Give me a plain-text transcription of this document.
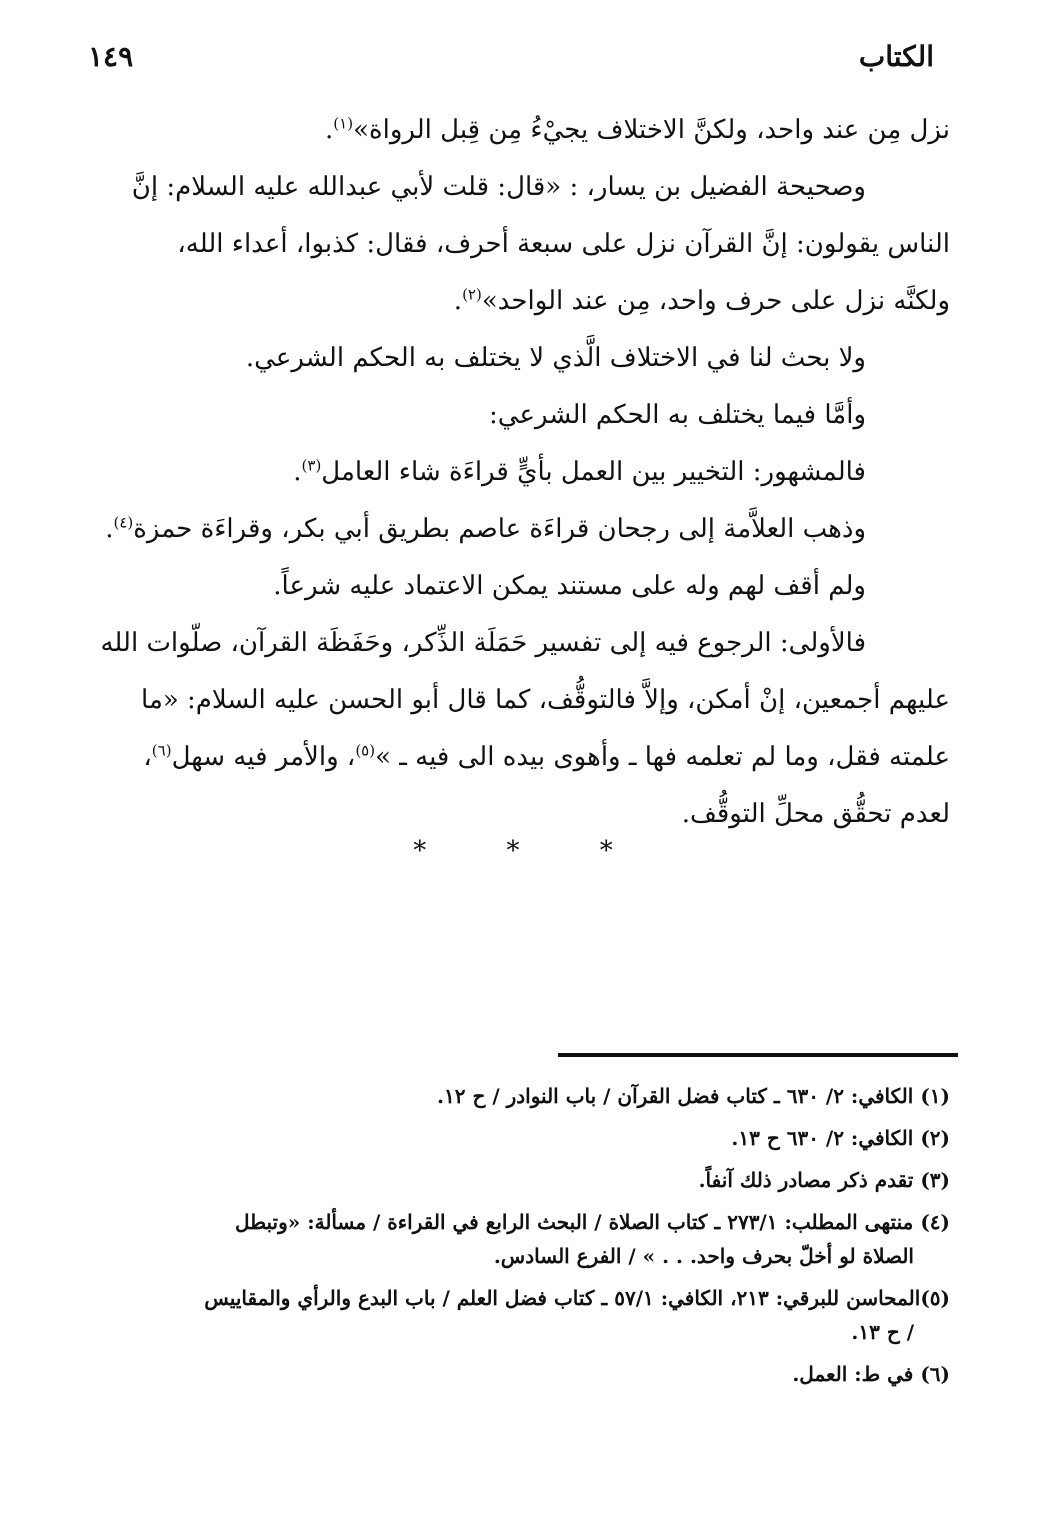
الكتاب
١٤٩

نزل مِن عند واحد، ولكنَّ الاختلاف يجيْءُ مِن قِبل الرواة»$^{(١)}$.

وصحيحة الفضيل بن يسار، : «قال: قلت لأبي عبدالله عليه السلام: إنَّ

الناس يقولون: إنَّ القرآن نزل على سبعة أحرف، فقال: كذبوا، أعداء الله،

ولكنَّه نزل على حرف واحد، مِن عند الواحد»$^{(٢)}$.

ولا بحث لنا في الاختلاف الَّذي لا يختلف به الحكم الشرعي.

وأمَّا فيما يختلف به الحكم الشرعي:

فالمشهور: التخيير بين العمل بأيٍّ قراءَة شاء العامل$^{(٣)}$.

وذهب العلاَّمة إلى رجحان قراءَة عاصم بطريق أبي بكر، وقراءَة حمزة$^{(٤)}$.

ولم أقف لهم وله على مستند يمكن الاعتماد عليه شرعاً.

فالأولى: الرجوع فيه إلى تفسير حَمَلَة الذِّكر، وحَفَظَة القرآن، صلّوات الله

عليهم أجمعين، إنْ أمكن، وإلاَّ فالتوقُّف، كما قال أبو الحسن عليه السلام: «ما

علمته فقل، وما لم تعلمه فها ـ وأهوى بيده الى فيه ـ »$^{(٥)}$، والأمر فيه سهل$^{(٦)}$،

لعدم تحقُّق محلِّ التوقُّف.

* * *

(١) الكافي: ٢/ ٦٣٠ ـ كتاب فضل القرآن / باب النوادر / ح ١٢.

(٢) الكافي: ٢/ ٦٣٠ ح ١٣.

(٣) تقدم ذكر مصادر ذلك آنفاً.

(٤) منتهى المطلب: ٢٧٣/١ ـ كتاب الصلاة / البحث الرابع في القراءة / مسألة: «وتبطل
الصلاة لو أخلّ بحرف واحد. . . » / الفرع السادس.

(٥)المحاسن للبرقي: ٢١٣، الكافي: ٥٧/١ ـ كتاب فضل العلم / باب البدع والرأي والمقاييس
/ ح ١٣.

(٦) في ط: العمل.
